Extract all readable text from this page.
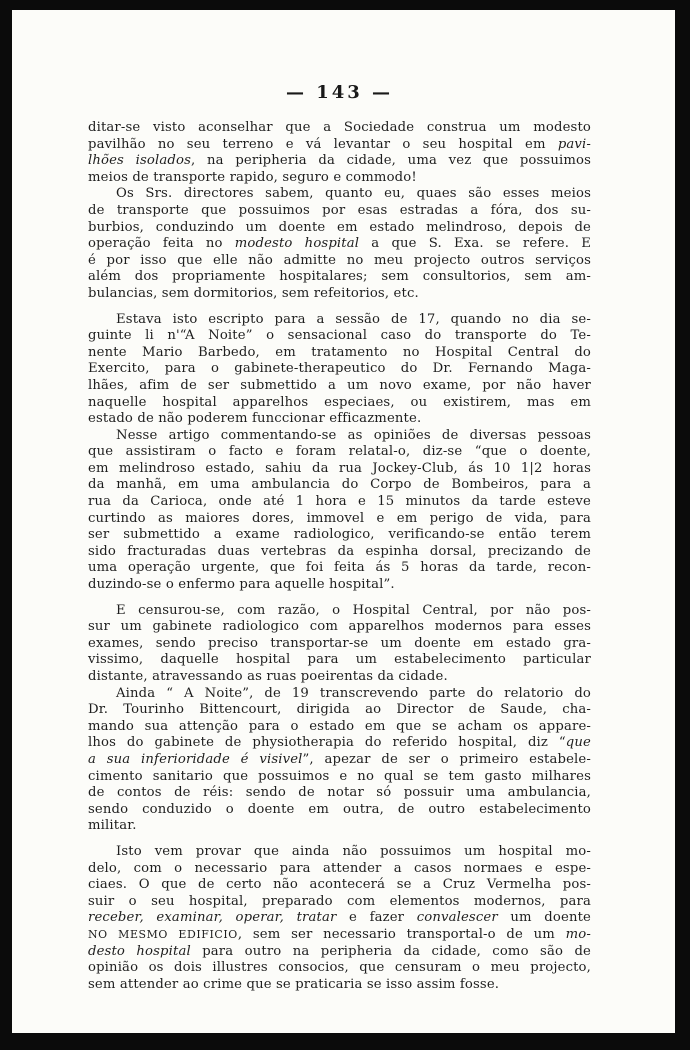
— 143 —
ditar-se visto aconselhar que a Sociedade construa um modesto
pavilhão no seu terreno e vá levantar o seu hospital em pavi-
lhões isolados, na peripheria da cidade, uma vez que possuimos
meios de transporte rapido, seguro e commodo!
Os Srs. directores sabem, quanto eu, quaes são esses meios
de transporte que possuimos por esas estradas a fóra, dos su-
burbios, conduzindo um doente em estado melindroso, depois de
operação feita no modesto hospital a que S. Exa. se refere. E
é por isso que elle não admitte no meu projecto outros serviços
além dos propriamente hospitalares; sem consultorios, sem am-
bulancias, sem dormitorios, sem refeitorios, etc.
Estava isto escripto para a sessão de 17, quando no dia se-
guinte li n'“A Noite” o sensacional caso do transporte do Te-
nente Mario Barbedo, em tratamento no Hospital Central do
Exercito, para o gabinete-therapeutico do Dr. Fernando Maga-
lhães, afim de ser submettido a um novo exame, por não haver
naquelle hospital apparelhos especiaes, ou existirem, mas em
estado de não poderem funccionar efficazmente.
Nesse artigo commentando-se as opiniões de diversas pessoas
que assistiram o facto e foram relatal-o, diz-se “que o doente,
em melindroso estado, sahiu da rua Jockey-Club, ás 10 1|2 horas
da manhã, em uma ambulancia do Corpo de Bombeiros, para a
rua da Carioca, onde até 1 hora e 15 minutos da tarde esteve
curtindo as maiores dores, immovel e em perigo de vida, para
ser submettido a exame radiologico, verificando-se então terem
sido fracturadas duas vertebras da espinha dorsal, precizando de
uma operação urgente, que foi feita ás 5 horas da tarde, recon-
duzindo-se o enfermo para aquelle hospital”.
E censurou-se, com razão, o Hospital Central, por não pos-
sur um gabinete radiologico com apparelhos modernos para esses
exames, sendo preciso transportar-se um doente em estado gra-
vissimo, daquelle hospital para um estabelecimento particular
distante, atravessando as ruas poeirentas da cidade.
Ainda “ A Noite”, de 19 transcrevendo parte do relatorio do
Dr. Tourinho Bittencourt, dirigida ao Director de Saude, cha-
mando sua attenção para o estado em que se acham os appare-
lhos do gabinete de physiotherapia do referido hospital, diz “que
a sua inferioridade é visivel”, apezar de ser o primeiro estabele-
cimento sanitario que possuimos e no qual se tem gasto milhares
de contos de réis: sendo de notar só possuir uma ambulancia,
sendo conduzido o doente em outra, de outro estabelecimento
militar.
Isto vem provar que ainda não possuimos um hospital mo-
delo, com o necessario para attender a casos normaes e espe-
ciaes. O que de certo não acontecerá se a Cruz Vermelha pos-
suir o seu hospital, preparado com elementos modernos, para
receber, examinar, operar, tratar e fazer convalescer um doente
NO MESMO EDIFICIO, sem ser necessario transportal-o de um mo-
desto hospital para outro na peripheria da cidade, como são de
opinião os dois illustres consocios, que censuram o meu projecto,
sem attender ao crime que se praticaria se isso assim fosse.
